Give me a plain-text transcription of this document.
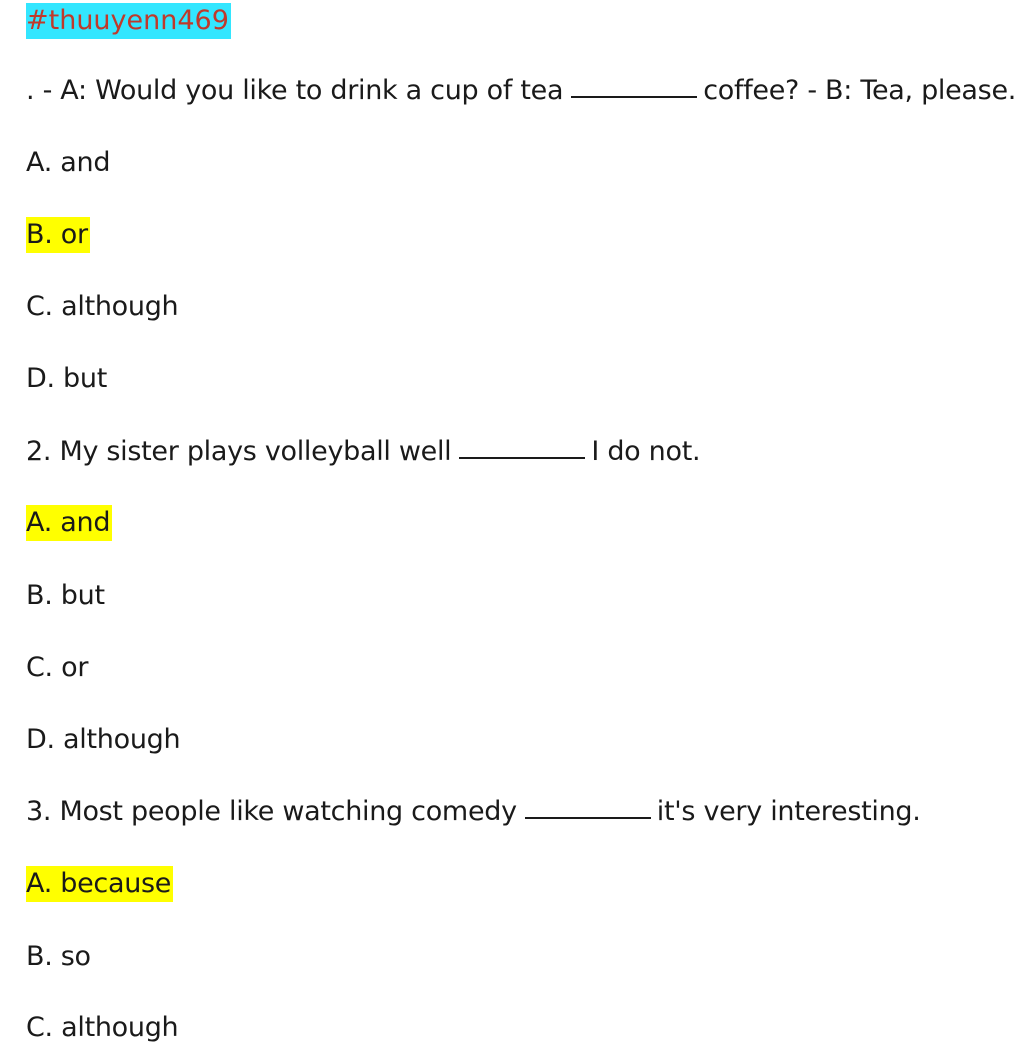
#thuuyenn469
. - A: Would you like to drink a cup of tea	coffee? - B: Tea, please.
A. and
B. or
C. although
D. but
2. My sister plays volleyball well	I do not.
A. and
B. but
C. or
D. although
3. Most people like watching comedy	it's very interesting.
A. because
B. so
C. although
